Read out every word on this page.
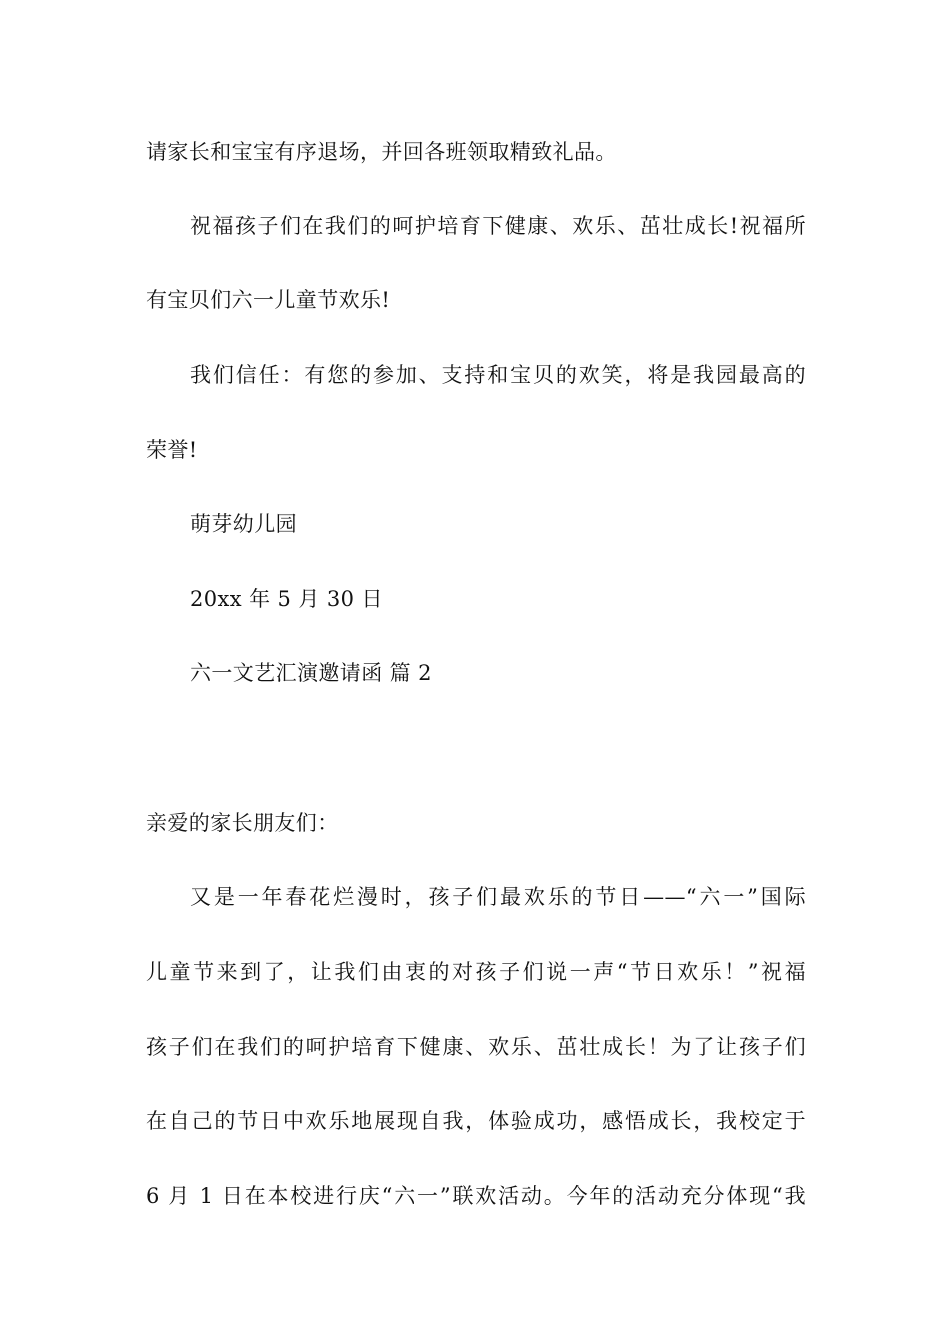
请家长和宝宝有序退场，并回各班领取精致礼品。
祝福孩子们在我们的呵护培育下健康、欢乐、茁壮成长!祝福所
有宝贝们六一儿童节欢乐!
我们信任：有您的参加、支持和宝贝的欢笑，将是我园最高的
荣誉!
萌芽幼儿园
20xx 年 5 月 30 日
六一文艺汇演邀请函 篇 2
亲爱的家长朋友们：
又是一年春花烂漫时，孩子们最欢乐的节日——“六一”国际
儿童节来到了，让我们由衷的对孩子们说一声“节日欢乐！”祝福
孩子们在我们的呵护培育下健康、欢乐、茁壮成长！为了让孩子们
在自己的节日中欢乐地展现自我，体验成功，感悟成长，我校定于
6 月 1 日在本校进行庆“六一”联欢活动。今年的活动充分体现“我
